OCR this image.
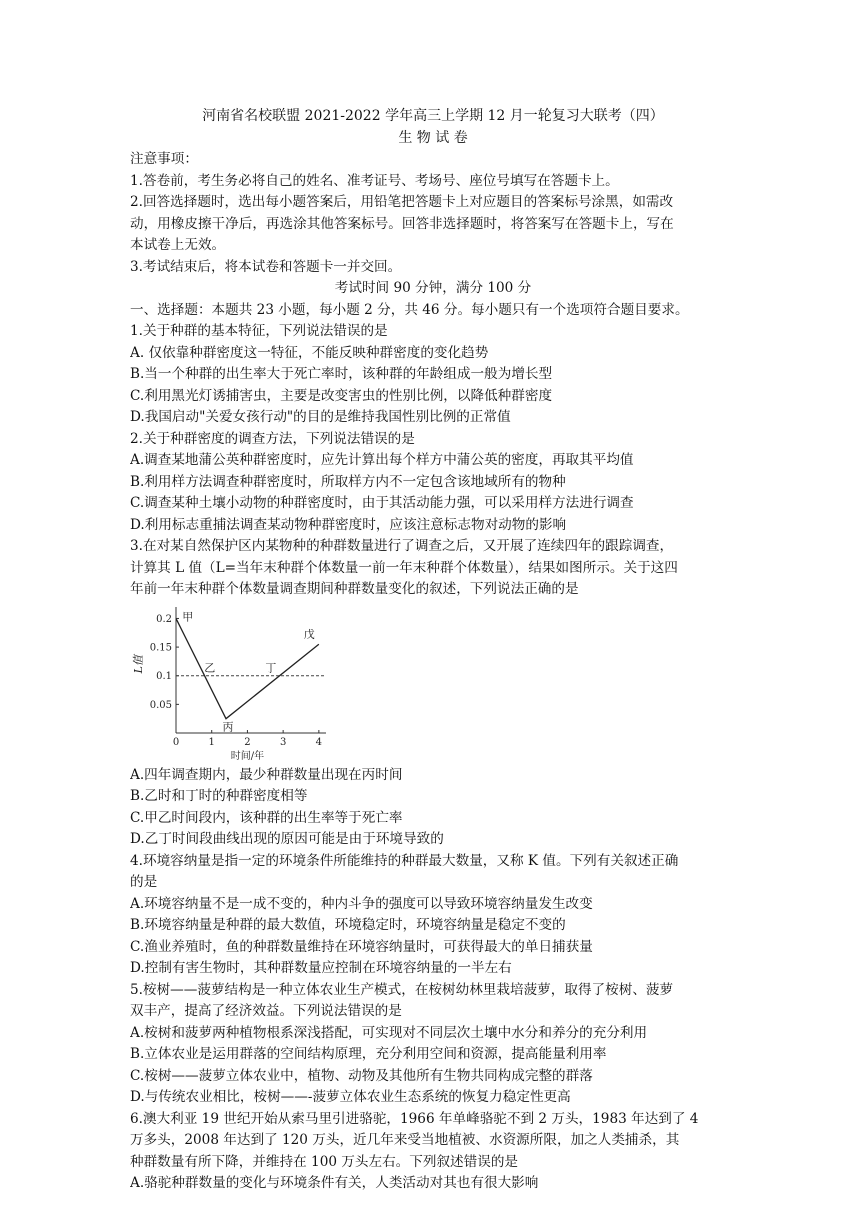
河南省名校联盟 2021-2022 学年高三上学期 12 月一轮复习大联考（四）
生 物 试 卷
注意事项：
1.答卷前，考生务必将自己的姓名、准考证号、考场号、座位号填写在答题卡上。
2.回答选择题时，选出每小题答案后，用铅笔把答题卡上对应题目的答案标号涂黑，如需改
动，用橡皮擦干净后，再选涂其他答案标号。回答非选择题时，将答案写在答题卡上，写在
本试卷上无效。
3.考试结束后，将本试卷和答题卡一并交回。
考试时间 90 分钟，满分 100 分
一、选择题：本题共 23 小题，每小题 2 分，共 46 分。每小题只有一个选项符合题目要求。
1.关于种群的基本特征，下列说法错误的是
A. 仅依靠种群密度这一特征，不能反映种群密度的变化趋势
B.当一个种群的出生率大于死亡率时，该种群的年龄组成一般为增长型
C.利用黑光灯诱捕害虫，主要是改变害虫的性别比例，以降低种群密度
D.我国启动"关爱女孩行动"的目的是维持我国性别比例的正常值
2.关于种群密度的调查方法，下列说法错误的是
A.调查某地蒲公英种群密度时，应先计算出每个样方中蒲公英的密度，再取其平均值
B.利用样方法调查种群密度时，所取样方内不一定包含该地域所有的物种
C.调查某种土壤小动物的种群密度时，由于其活动能力强，可以采用样方法进行调查
D.利用标志重捕法调查某动物种群密度时，应该注意标志物对动物的影响
3.在对某自然保护区内某物种的种群数量进行了调查之后，又开展了连续四年的跟踪调查，
计算其 L 值（L=当年末种群个体数量一前一年末种群个体数量），结果如图所示。关于这四
年前一年末种群个体数量调查期间种群数量变化的叙述，下列说法正确的是
0	1	2	3	4
0.05
0.1
0.15
0.2
时间/年
L值
甲
乙
丙
丁
戊
A.四年调查期内，最少种群数量出现在丙时间
B.乙时和丁时的种群密度相等
C.甲乙时间段内，该种群的出生率等于死亡率
D.乙丁时间段曲线出现的原因可能是由于环境导致的
4.环境容纳量是指一定的环境条件所能维持的种群最大数量，又称 K 值。下列有关叙述正确
的是
A.环境容纳量不是一成不变的，种内斗争的强度可以导致环境容纳量发生改变
B.环境容纳量是种群的最大数值，环境稳定时，环境容纳量是稳定不变的
C.渔业养殖时，鱼的种群数量维持在环境容纳量时，可获得最大的单日捕获量
D.控制有害生物时，其种群数量应控制在环境容纳量的一半左右
5.桉树——菠萝结构是一种立体农业生产模式，在桉树幼林里栽培菠萝，取得了桉树、菠萝
双丰产，提高了经济效益。下列说法错误的是
A.桉树和菠萝两种植物根系深浅搭配，可实现对不同层次土壤中水分和养分的充分利用
B.立体农业是运用群落的空间结构原理，充分利用空间和资源，提高能量利用率
C.桉树——菠萝立体农业中，植物、动物及其他所有生物共同构成完整的群落
D.与传统农业相比，桉树——-菠萝立体农业生态系统的恢复力稳定性更高
6.澳大利亚 19 世纪开始从索马里引进骆驼，1966 年单峰骆驼不到 2 万头，1983 年达到了 4
万多头，2008 年达到了 120 万头，近几年来受当地植被、水资源所限，加之人类捕杀，其
种群数量有所下降，并维持在 100 万头左右。下列叙述错误的是
A.骆驼种群数量的变化与环境条件有关，人类活动对其也有很大影响
